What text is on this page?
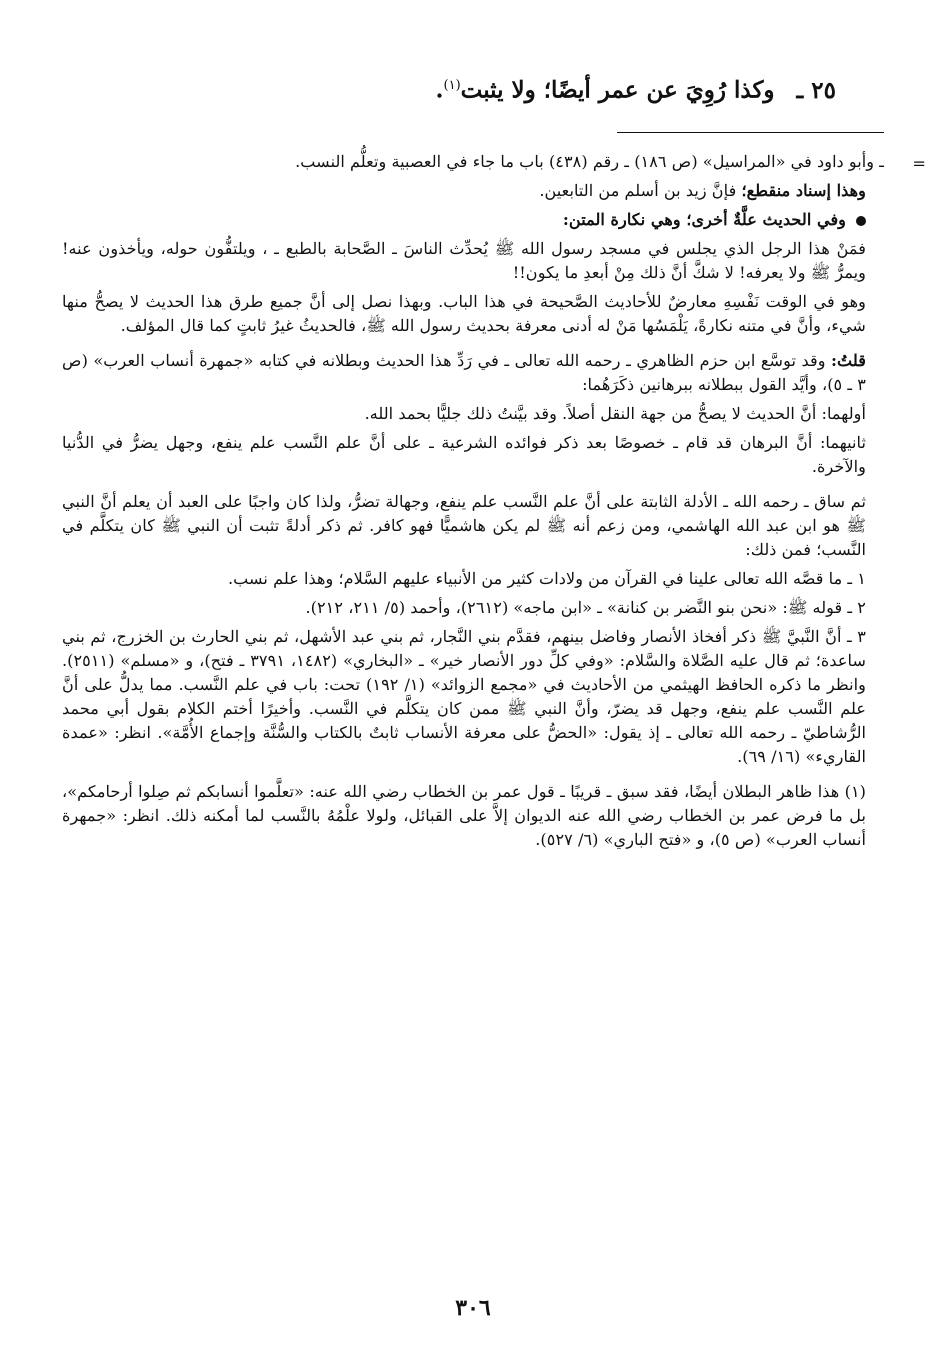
٢٥ ـ وكذا رُوِيَ عن عمر أيضًا؛ ولا يثبت$^{(١)}$.
=

ـ وأبو داود في «المراسيل» (ص ١٨٦) ـ رقم (٤٣٨) باب ما جاء في العصبية وتعلُّم النسب.

وهذا إسناد منقطع؛ فإنَّ زيد بن أسلم من التابعين.

وفي الحديث علَّةٌ أخرى؛ وهي نكارة المتن:

فمَنْ هذا الرجل الذي يجلس في مسجد رسول الله ﷺ يُحدِّث الناسَ ـ الصَّحابة بالطبع ـ ، ويلتفُّون حوله، ويأخذون عنه! ويمرُّ ﷺ ولا يعرفه! لا شكَّ أنَّ ذلك مِنْ أبعدِ ما يكون!!

وهو في الوقت نَفْسِهِ معارضٌ للأحاديث الصَّحيحة في هذا الباب. وبهذا نصل إلى أنَّ جميع طرق هذا الحديث لا يصحُّ منها شيء، وأنَّ في متنه نكارةً، يَلْمَسُها مَنْ له أدنى معرفة بحديث رسول الله ﷺ، فالحديثُ غيرُ ثابتٍ كما قال المؤلف.

قلتُ: وقد توسَّع ابن حزم الظاهري ـ رحمه الله تعالى ـ في رَدِّ هذا الحديث وبطلانه في كتابه «جمهرة أنساب العرب» (ص ٣ ـ ٥)، وأيَّد القول ببطلانه ببرهانين ذكَرَهُما:

أولهما: أنَّ الحديث لا يصحُّ من جهة النقل أصلاً. وقد بيَّنتُ ذلك جليًّا بحمد الله.

ثانيهما: أنَّ البرهان قد قام ـ خصوصًا بعد ذكر فوائده الشرعية ـ على أنَّ علم النَّسب علم ينفع، وجهل يضرُّ في الدُّنيا والآخرة.

ثم ساق ـ رحمه الله ـ الأدلة الثابتة على أنَّ علم النَّسب علم ينفع، وجهالة تضرُّ، ولذا كان واجبًا على العبد أن يعلم أنَّ النبي ﷺ هو ابن عبد الله الهاشمي، ومن زعم أنه ﷺ لم يكن هاشميًّا فهو كافر. ثم ذكر أدلةً تثبت أن النبي ﷺ كان يتكلَّم في النَّسب؛ فمن ذلك:

١ ـ ما قصَّه الله تعالى علينا في القرآن من ولادات كثير من الأنبياء عليهم السَّلام؛ وهذا علم نسب.

٢ ـ قوله ﷺ: «نحن بنو النَّضر بن كنانة» ـ «ابن ماجه» (٢٦١٢)، وأحمد (٥/ ٢١١، ٢١٢).

٣ ـ أنَّ النَّبيَّ ﷺ ذكر أفخاذ الأنصار وفاضل بينهم، فقدَّم بني النَّجار، ثم بني عبد الأشهل، ثم بني الحارث بن الخزرج، ثم بني ساعدة؛ ثم قال عليه الصَّلاة والسَّلام: «وفي كلِّ دور الأنصار خير» ـ «البخاري» (١٤٨٢، ٣٧٩١ ـ فتح)، و «مسلم» (٢٥١١). وانظر ما ذكره الحافظ الهيثمي من الأحاديث في «مجمع الزوائد» (١/ ١٩٢) تحت: باب في علم النَّسب. مما يدلُّ على أنَّ علم النَّسب علم ينفع، وجهل قد يضرّ، وأنَّ النبي ﷺ ممن كان يتكلَّم في النَّسب. وأخيرًا أختم الكلام بقول أبي محمد الرُّشاطيّ ـ رحمه الله تعالى ـ إذ يقول: «الحضُّ على معرفة الأنساب ثابتٌ بالكتاب والسُّنَّة وإجماع الأُمَّة». انظر: «عمدة القاريء» (١٦/ ٦٩).

(١) هذا ظاهر البطلان أيضًا، فقد سبق ـ قريبًا ـ قول عمر بن الخطاب رضي الله عنه: «تعلَّموا أنسابكم ثم صِلوا أرحامكم»، بل ما فرض عمر بن الخطاب رضي الله عنه الديوان إلاَّ على القبائل، ولولا علْمُهُ بالنَّسب لما أمكنه ذلك. انظر: «جمهرة أنساب العرب» (ص ٥)، و «فتح الباري» (٦/ ٥٢٧).

٣٠٦
